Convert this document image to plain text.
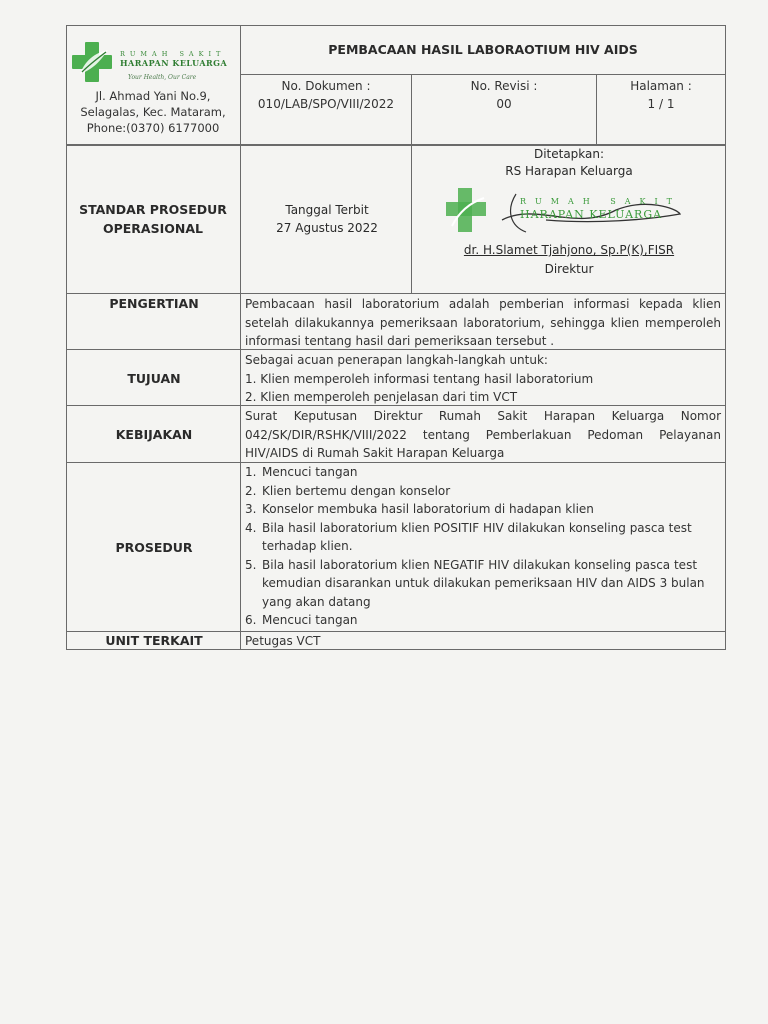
RUMAH SAKIT
HARAPAN KELUARGA
Your Health, Our Care
Jl. Ahmad Yani No.9,
Selagalas, Kec. Mataram,
Phone:(0370) 6177000
PEMBACAAN HASIL LABORAOTIUM HIV AIDS
No. Dokumen :
010/LAB/SPO/VIII/2022
No. Revisi :
00
Halaman :
1 / 1
STANDAR PROSEDUR
OPERASIONAL
Tanggal Terbit
27 Agustus 2022
Ditetapkan:
RS Harapan Keluarga
RUMAH SAKIT
HARAPAN KELUARGA
dr. H.Slamet Tjahjono, Sp.P(K),FISR
Direktur
PENGERTIAN	Pembacaan hasil laboratorium adalah pemberian informasi kepada klien setelah dilakukannya pemeriksaan laboratorium, sehingga klien memperoleh informasi tentang hasil dari pemeriksaan tersebut .
TUJUAN
Sebagai acuan penerapan langkah-langkah untuk:
1. Klien memperoleh informasi tentang hasil laboratorium
2. Klien memperoleh penjelasan dari tim VCT
KEBIJAKAN
Surat Keputusan Direktur Rumah Sakit Harapan Keluarga Nomor 042/SK/DIR/RSHK/VIII/2022 tentang Pemberlakuan Pedoman Pelayanan HIV/AIDS di Rumah Sakit Harapan Keluarga
PROSEDUR
1. Mencuci tangan
2. Klien bertemu dengan konselor
3. Konselor membuka hasil laboratorium di hadapan klien
4. Bila hasil laboratorium klien POSITIF HIV dilakukan konseling pasca test terhadap klien.
5. Bila hasil laboratorium klien NEGATIF HIV dilakukan konseling pasca test kemudian disarankan untuk dilakukan pemeriksaan HIV dan AIDS 3 bulan yang akan datang
6. Mencuci tangan
UNIT TERKAIT	Petugas VCT
